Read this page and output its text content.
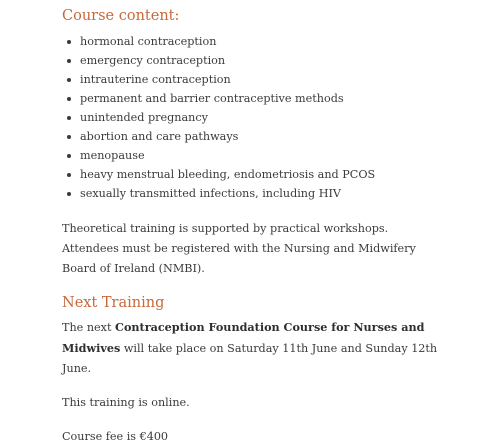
Course content:
hormonal contraception
emergency contraception
intrauterine contraception
permanent and barrier contraceptive methods
unintended pregnancy
abortion and care pathways
menopause
heavy menstrual bleeding, endometriosis and PCOS
sexually transmitted infections, including HIV

Theoretical training is supported by practical workshops. Attendees must be registered with the Nursing and Midwifery Board of Ireland (NMBI).

Next Training

The next Contraception Foundation Course for Nurses and Midwives will take place on Saturday 11th June and Sunday 12th June.

This training is online.

Course fee is €400
